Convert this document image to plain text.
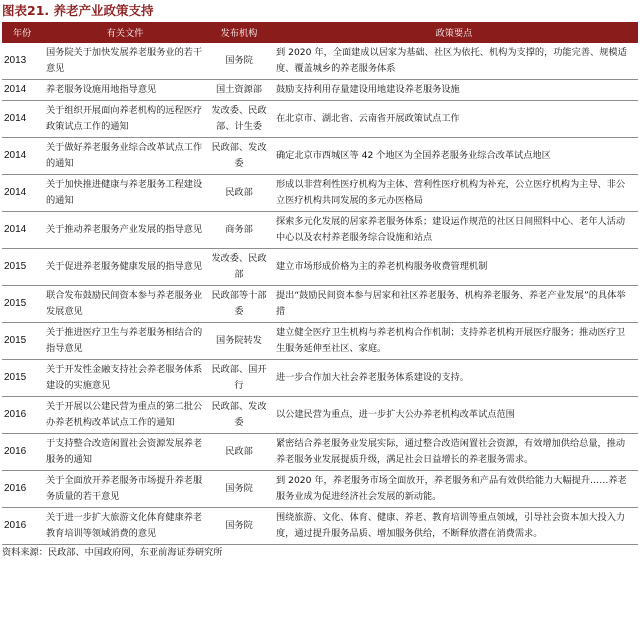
图表21. 养老产业政策支持
年份	有关文件	发布机构	政策要点
2013	国务院关于加快发展养老服务业的若干意见	国务院	到 2020 年，全面建成以居家为基础、社区为依托、机构为支撑的，功能完善、规模适度、覆盖城乡的养老服务体系
2014	养老服务设施用地指导意见	国土资源部	鼓励支持利用存量建设用地建设养老服务设施
2014	关于组织开展面向养老机构的远程医疗政策试点工作的通知	发改委、民政部、计生委	在北京市、湖北省、云南省开展政策试点工作
2014	关于做好养老服务业综合改革试点工作的通知	民政部、发改委	确定北京市西城区等 42 个地区为全国养老服务业综合改革试点地区
2014	关于加快推进健康与养老服务工程建设的通知	民政部	形成以非营利性医疗机构为主体、营利性医疗机构为补充，公立医疗机构为主导、非公立医疗机构共同发展的多元办医格局
2014	关于推动养老服务产业发展的指导意见	商务部	探索多元化发展的居家养老服务体系；建设运作规范的社区日间照料中心、老年人活动中心以及农村养老服务综合设施和站点
2015	关于促进养老服务健康发展的指导意见	发改委、民政部	建立市场形成价格为主的养老机构服务收费管理机制
2015	联合发布鼓励民间资本参与养老服务业发展意见	民政部等十部委	提出“鼓励民间资本参与居家和社区养老服务、机构养老服务、养老产业发展”的具体举措
2015	关于推进医疗卫生与养老服务相结合的指导意见	国务院转发	建立健全医疗卫生机构与养老机构合作机制；支持养老机构开展医疗服务；推动医疗卫生服务延伸至社区、家庭。
2015	关于开发性金融支持社会养老服务体系建设的实施意见	民政部、国开行	进一步合作加大社会养老服务体系建设的支持。
2016	关于开展以公建民营为重点的第二批公办养老机构改革试点工作的通知	民政部、发改委	以公建民营为重点，进一步扩大公办养老机构改革试点范围
2016	于支持整合改造闲置社会资源发展养老服务的通知	民政部	紧密结合养老服务业发展实际，通过整合改造闲置社会资源，有效增加供给总量，推动养老服务业发展提质升级，满足社会日益增长的养老服务需求。
2016	关于全面放开养老服务市场提升养老服务质量的若干意见	国务院	到 2020 年，养老服务市场全面放开，养老服务和产品有效供给能力大幅提升……养老服务业成为促进经济社会发展的新动能。
2016	关于进一步扩大旅游文化体育健康养老教育培训等领域消费的意见	国务院	围绕旅游、文化、体育、健康、养老、教育培训等重点领域，引导社会资本加大投入力度，通过提升服务品质、增加服务供给，不断释放潜在消费需求。
资料来源：民政部、中国政府网，东亚前海证券研究所
